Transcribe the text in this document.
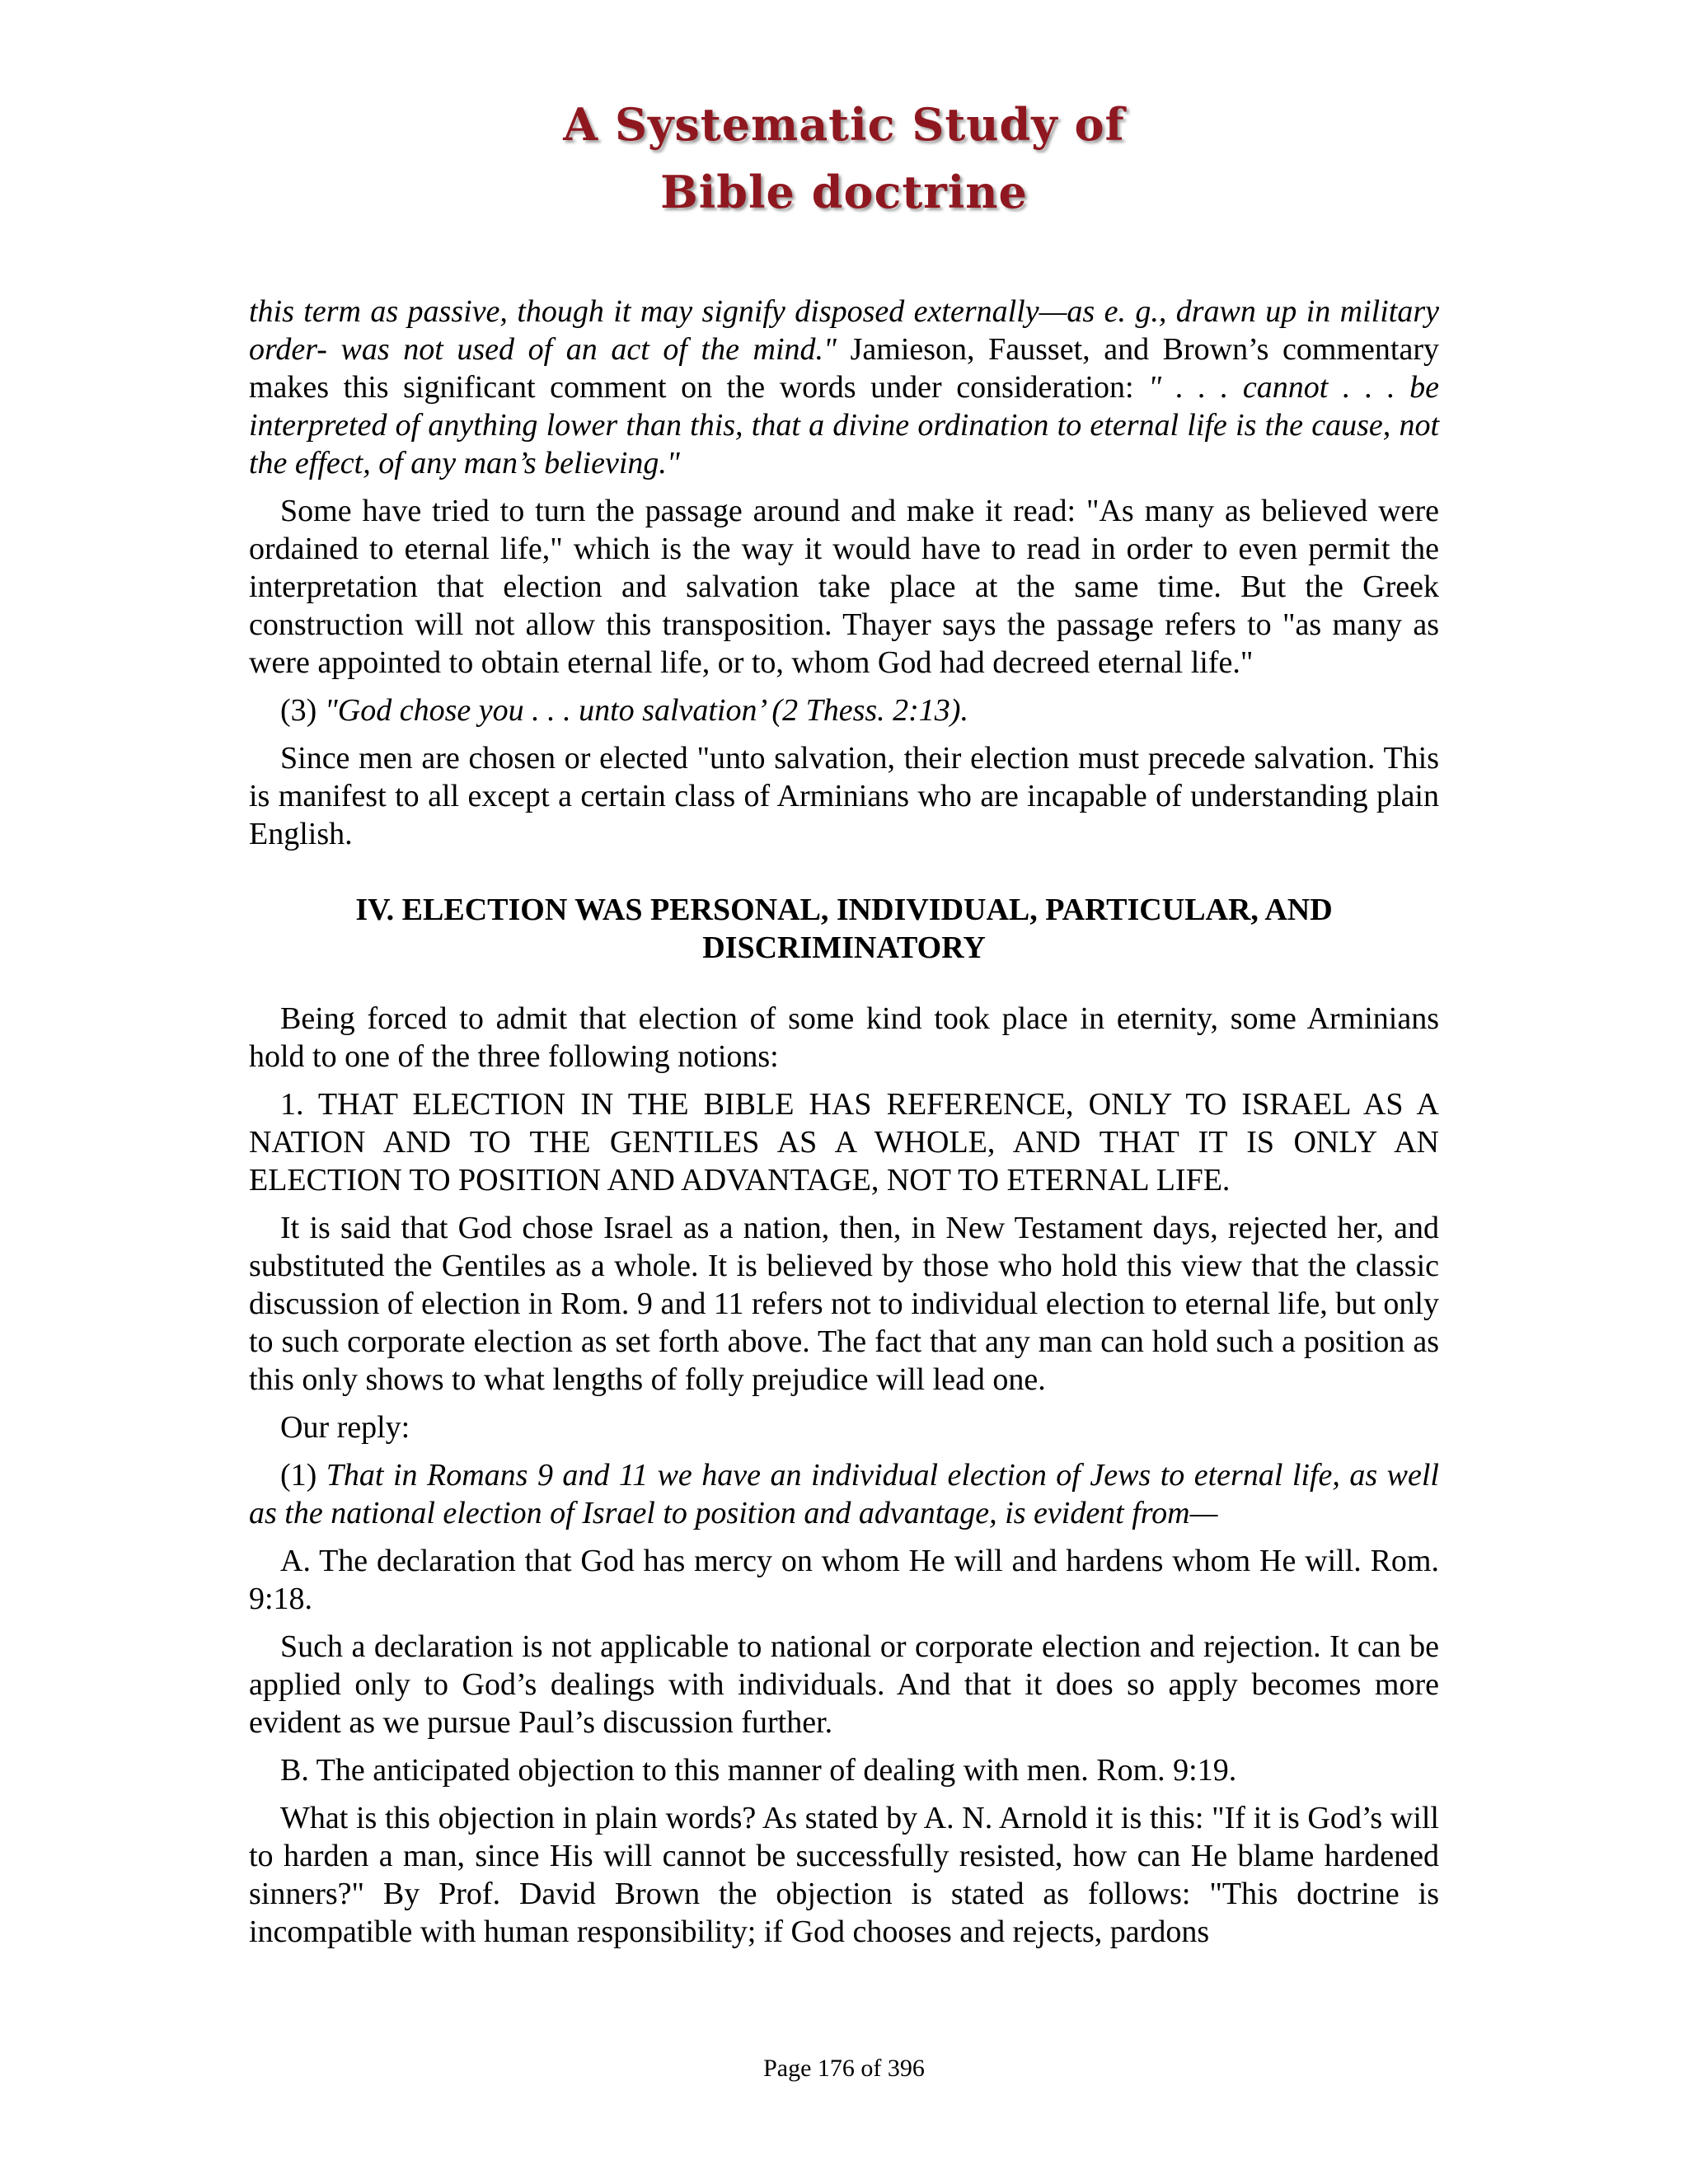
A Systematic Study of
Bible doctrine

this term as passive, though it may signify disposed externally—as e. g., drawn up in military order- was not used of an act of the mind." Jamieson, Fausset, and Brown’s commentary makes this significant comment on the words under consideration: " . . . cannot . . . be interpreted of anything lower than this, that a divine ordination to eternal life is the cause, not the effect, of any man’s believing."

Some have tried to turn the passage around and make it read: "As many as believed were ordained to eternal life," which is the way it would have to read in order to even permit the interpretation that election and salvation take place at the same time. But the Greek construction will not allow this transposition. Thayer says the passage refers to "as many as were appointed to obtain eternal life, or to, whom God had decreed eternal life."

(3) "God chose you . . . unto salvation’ (2 Thess. 2:13).

Since men are chosen or elected "unto salvation, their election must precede salvation. This is manifest to all except a certain class of Arminians who are incapable of understanding plain English.

IV. ELECTION WAS PERSONAL, INDIVIDUAL, PARTICULAR, AND
DISCRIMINATORY

Being forced to admit that election of some kind took place in eternity, some Arminians hold to one of the three following notions:

1. THAT ELECTION IN THE BIBLE HAS REFERENCE, ONLY TO ISRAEL AS A NATION AND TO THE GENTILES AS A WHOLE, AND THAT IT IS ONLY AN ELECTION TO POSITION AND ADVANTAGE, NOT TO ETERNAL LIFE.

It is said that God chose Israel as a nation, then, in New Testament days, rejected her, and substituted the Gentiles as a whole. It is believed by those who hold this view that the classic discussion of election in Rom. 9 and 11 refers not to individual election to eternal life, but only to such corporate election as set forth above. The fact that any man can hold such a position as this only shows to what lengths of folly prejudice will lead one.

Our reply:

(1) That in Romans 9 and 11 we have an individual election of Jews to eternal life, as well as the national election of Israel to position and advantage, is evident from—

A. The declaration that God has mercy on whom He will and hardens whom He will. Rom. 9:18.

Such a declaration is not applicable to national or corporate election and rejection. It can be applied only to God’s dealings with individuals. And that it does so apply becomes more evident as we pursue Paul’s discussion further.

B. The anticipated objection to this manner of dealing with men. Rom. 9:19.

What is this objection in plain words? As stated by A. N. Arnold it is this: "If it is God’s will to harden a man, since His will cannot be successfully resisted, how can He blame hardened sinners?" By Prof. David Brown the objection is stated as follows: "This doctrine is incompatible with human responsibility; if God chooses and rejects, pardons

Page 176 of 396
